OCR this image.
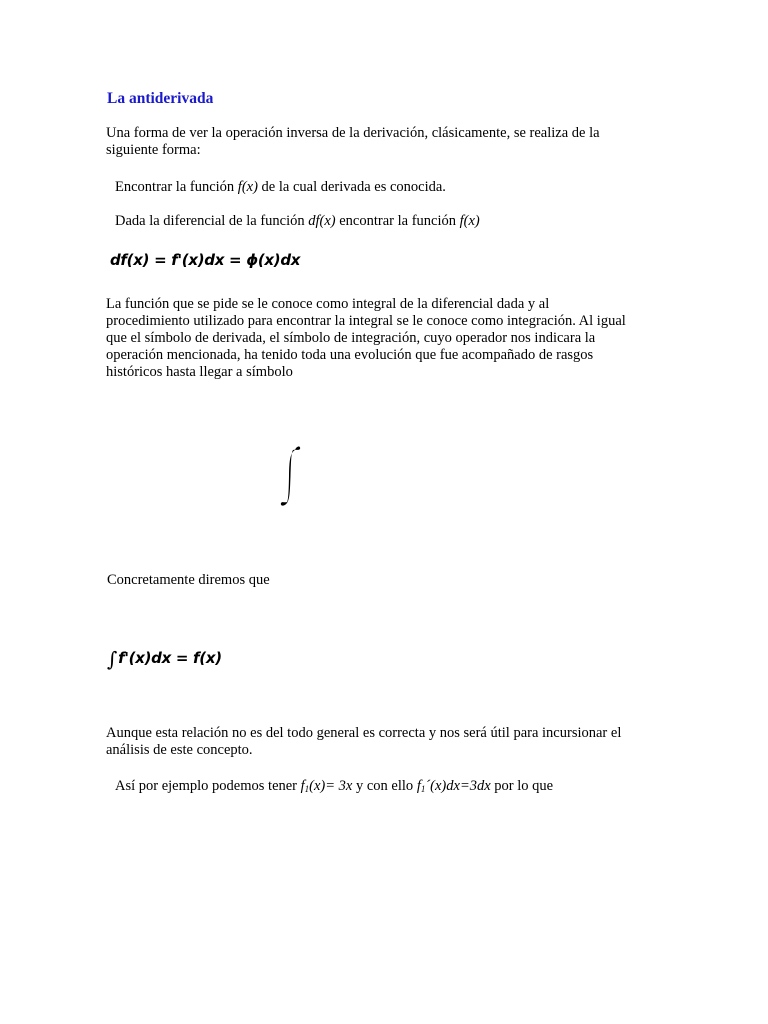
La antiderivada
Una forma de ver la operación inversa de la derivación, clásicamente, se realiza de la
siguiente forma:
Encontrar la función f(x) de la cual derivada es conocida.
Dada la diferencial de la función df(x) encontrar la función f(x)
df(x) = f'(x)dx = ϕ(x)dx
La función que se pide se le conoce como integral de la diferencial dada y al
procedimiento utilizado para encontrar la integral se le conoce como integración. Al igual
que el símbolo de derivada, el símbolo de integración, cuyo operador nos indicara la
operación mencionada, ha tenido toda una evolución que fue acompañado de rasgos
históricos hasta llegar a símbolo
Concretamente diremos que
∫f'(x)dx = f(x)
Aunque esta relación no es del todo general es correcta y nos será útil para incursionar el
análisis de este concepto.
Así por ejemplo podemos tener $f_1(x)= 3x$ y con ello $f_1´(x)dx=3dx$ por lo que
